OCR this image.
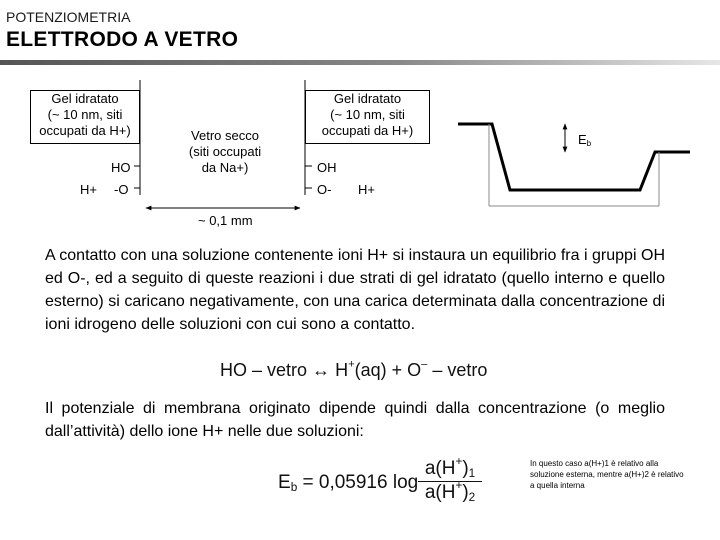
POTENZIOMETRIA
ELETTRODO A VETRO
Gel idratato
(~ 10 nm, siti
occupati da H+)	Vetro secco
(siti occupati
da Na+)
Gel idratato
(~ 10 nm, siti
occupati da H+)
HO
-O
H+
OH
O- H+
~ 0,1 mm
$E_b$
A contatto con una soluzione contenente ioni H+ si instaura un equilibrio fra i gruppi OH ed O-, ed a seguito di queste reazioni i due strati di gel idratato (quello interno e quello esterno) si caricano negativamente, con una carica determinata dalla concentrazione di ioni idrogeno delle soluzioni con cui sono a contatto.
HO – vetro ↔ H+(aq) + O– – vetro
Il potenziale di membrana originato dipende quindi dalla concentrazione (o meglio dall’attività) dello ione H+ nelle due soluzioni:
$E_b = 0,05916$ log
$a(H^+)_1$
$a(H^+)_2$
In questo caso a(H+)1 è relativo alla soluzione esterna, mentre a(H+)2 è relativo a quella interna
